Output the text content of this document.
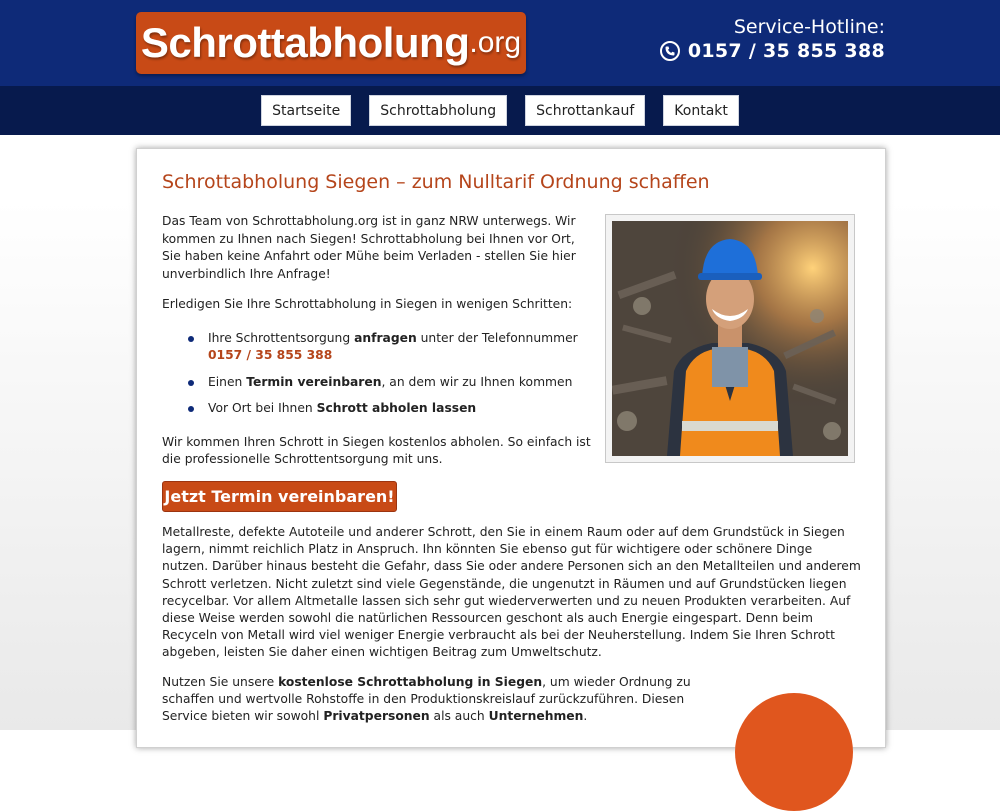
Schrottabholung .org	Service-Hotline:
0157 / 35 855 388
Startseite	Schrottabholung	Schrottankauf	Kontakt
Schrottabholung Siegen – zum Nulltarif Ordnung schaffen

Das Team von Schrottabholung.org ist in ganz NRW unterwegs. Wir kommen zu Ihnen nach Siegen! Schrottabholung bei Ihnen vor Ort, Sie haben keine Anfahrt oder Mühe beim Verladen - stellen Sie hier unverbindlich Ihre Anfrage!

Erledigen Sie Ihre Schrottabholung in Siegen in wenigen Schritten:

Ihre Schrottentsorgung anfragen unter der Telefonnummer
0157 / 35 855 388
Einen Termin vereinbaren, an dem wir zu Ihnen kommen
Vor Ort bei Ihnen Schrott abholen lassen

Wir kommen Ihren Schrott in Siegen kostenlos abholen. So einfach ist die professionelle Schrottentsorgung mit uns.

Jetzt Termin vereinbaren!

Metallreste, defekte Autoteile und anderer Schrott, den Sie in einem Raum oder auf dem Grundstück in Siegen lagern, nimmt reichlich Platz in Anspruch. Ihn könnten Sie ebenso gut für wichtigere oder schönere Dinge nutzen. Darüber hinaus besteht die Gefahr, dass Sie oder andere Personen sich an den Metallteilen und anderem Schrott verletzen. Nicht zuletzt sind viele Gegenstände, die ungenutzt in Räumen und auf Grundstücken liegen recycelbar. Vor allem Altmetalle lassen sich sehr gut wiederverwerten und zu neuen Produkten verarbeiten. Auf diese Weise werden sowohl die natürlichen Ressourcen geschont als auch Energie eingespart. Denn beim Recyceln von Metall wird viel weniger Energie verbraucht als bei der Neuherstellung. Indem Sie Ihren Schrott abgeben, leisten Sie daher einen wichtigen Beitrag zum Umweltschutz.

Nutzen Sie unsere kostenlose Schrottabholung in Siegen, um wieder Ordnung zu schaffen und wertvolle Rohstoffe in den Produktionskreislauf zurückzuführen. Diesen Service bieten wir sowohl Privatpersonen als auch Unternehmen.
